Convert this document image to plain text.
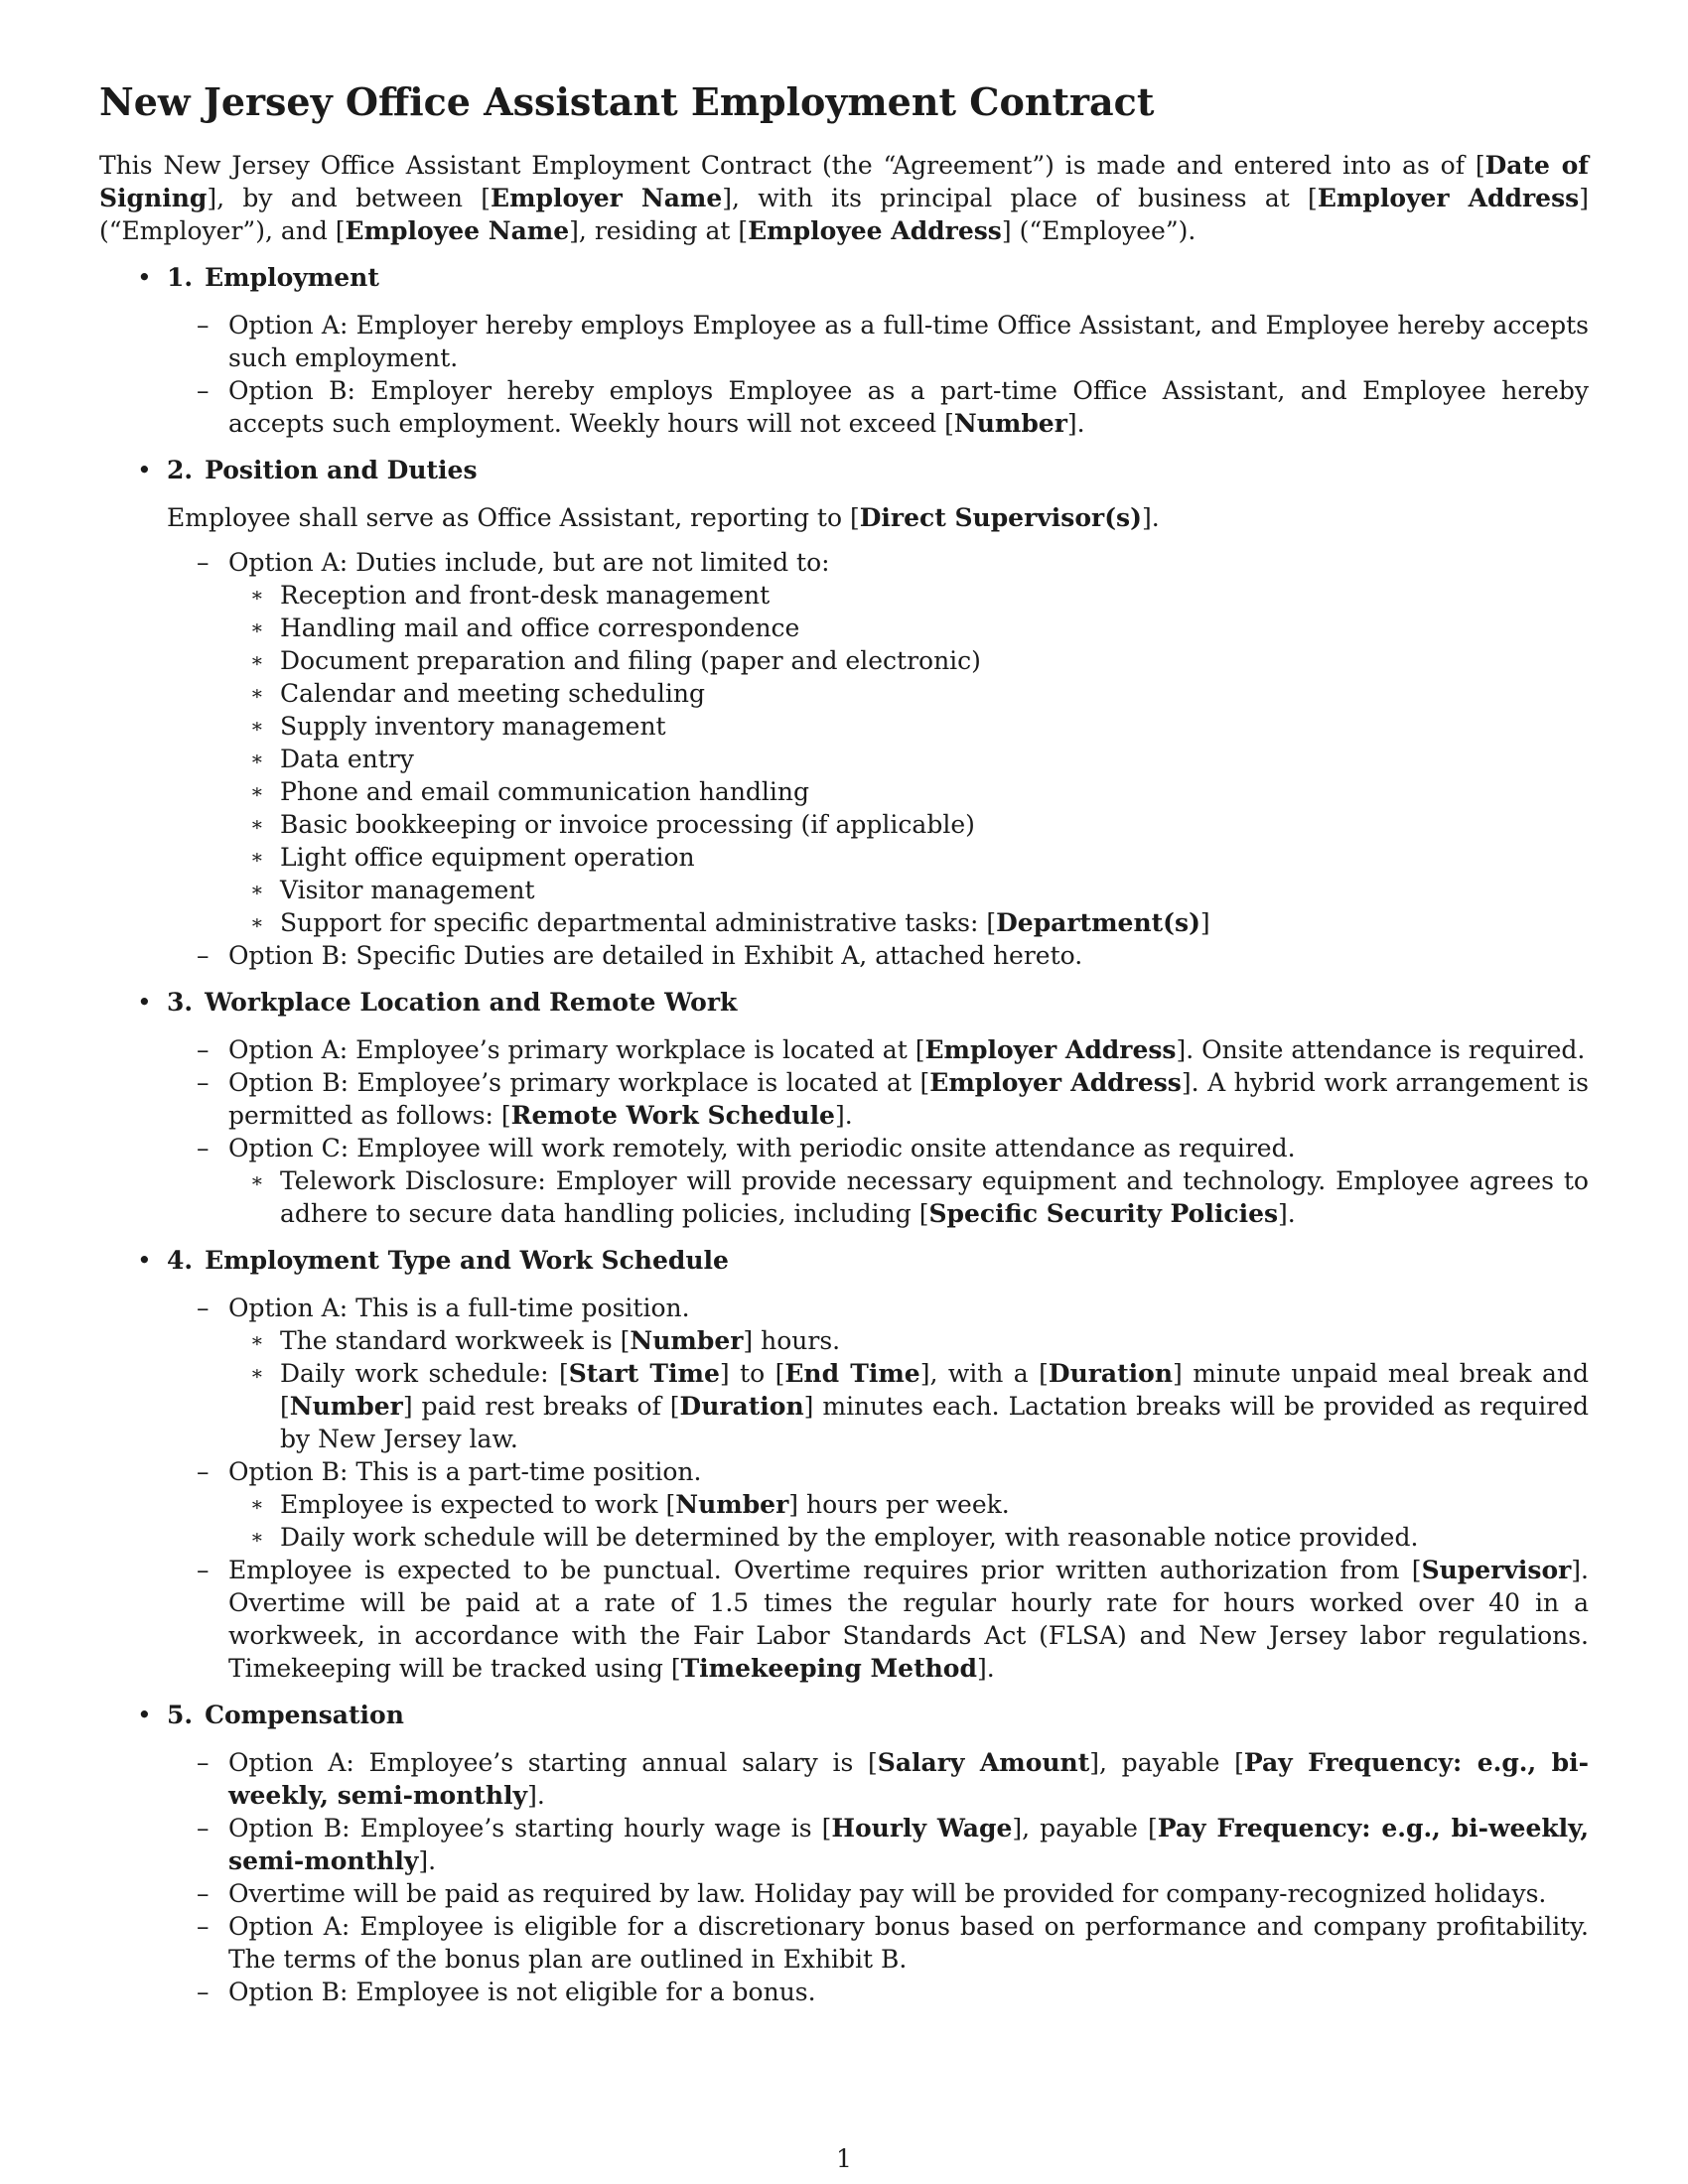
New Jersey Office Assistant Employment Contract

This New Jersey Office Assistant Employment Contract (the “Agreement”) is made and entered into as of [Date of Signing], by and between [Employer Name], with its principal place of business at [Employer Address] (“Employer”), and [Employee Name], residing at [Employee Address] (“Employee”).

• 1. Employment
– Option A: Employer hereby employs Employee as a full-time Office Assistant, and Employee hereby accepts such employment.
– Option B: Employer hereby employs Employee as a part-time Office Assistant, and Employee hereby accepts such employment. Weekly hours will not exceed [Number].
• 2. Position and Duties

Employee shall serve as Office Assistant, reporting to [Direct Supervisor(s)].

– Option A: Duties include, but are not limited to:
∗ Reception and front-desk management
∗ Handling mail and office correspondence
∗ Document preparation and filing (paper and electronic)
∗ Calendar and meeting scheduling
∗ Supply inventory management
∗ Data entry
∗ Phone and email communication handling
∗ Basic bookkeeping or invoice processing (if applicable)
∗ Light office equipment operation
∗ Visitor management
∗ Support for specific departmental administrative tasks: [Department(s)]
– Option B: Specific Duties are detailed in Exhibit A, attached hereto.
• 3. Workplace Location and Remote Work
– Option A: Employee’s primary workplace is located at [Employer Address]. Onsite attendance is required.
– Option B: Employee’s primary workplace is located at [Employer Address]. A hybrid work arrangement is permitted as follows: [Remote Work Schedule].
– Option C: Employee will work remotely, with periodic onsite attendance as required.
∗ Telework Disclosure: Employer will provide necessary equipment and technology. Employee agrees to adhere to secure data handling policies, including [Specific Security Policies].
• 4. Employment Type and Work Schedule
– Option A: This is a full-time position.
∗ The standard workweek is [Number] hours.
∗ Daily work schedule: [Start Time] to [End Time], with a [Duration] minute unpaid meal break and [Number] paid rest breaks of [Duration] minutes each. Lactation breaks will be provided as required by New Jersey law.
– Option B: This is a part-time position.
∗ Employee is expected to work [Number] hours per week.
∗ Daily work schedule will be determined by the employer, with reasonable notice provided.
– Employee is expected to be punctual. Overtime requires prior written authorization from [Supervisor]. Overtime will be paid at a rate of 1.5 times the regular hourly rate for hours worked over 40 in a workweek, in accordance with the Fair Labor Standards Act (FLSA) and New Jersey labor regulations. Timekeeping will be tracked using [Timekeeping Method].
• 5. Compensation
– Option A: Employee’s starting annual salary is [Salary Amount], payable [Pay Frequency: e.g., bi-weekly, semi-monthly].
– Option B: Employee’s starting hourly wage is [Hourly Wage], payable [Pay Frequency: e.g., bi-weekly, semi-monthly].
– Overtime will be paid as required by law. Holiday pay will be provided for company-recognized holidays.
– Option A: Employee is eligible for a discretionary bonus based on performance and company profitability. The terms of the bonus plan are outlined in Exhibit B.
– Option B: Employee is not eligible for a bonus.
1
